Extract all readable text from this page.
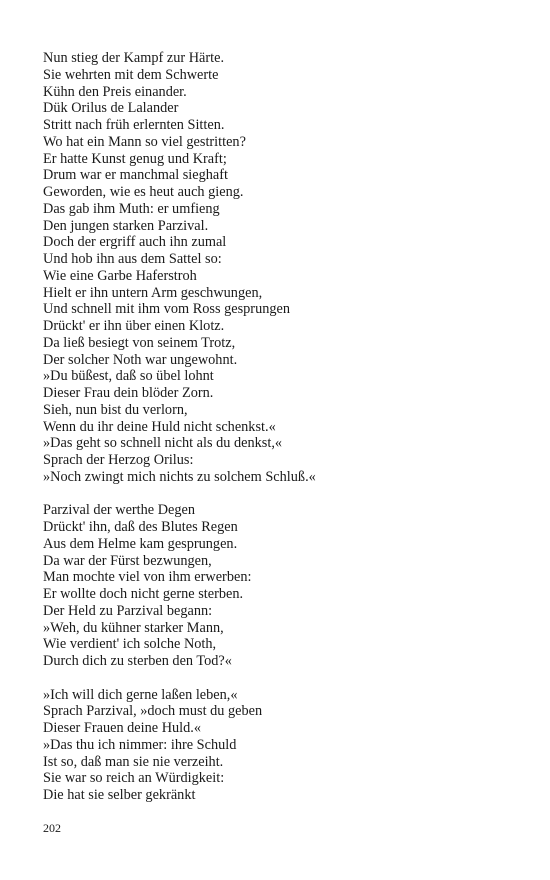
Nun stieg der Kampf zur Härte.
Sie wehrten mit dem Schwerte
Kühn den Preis einander.
Dük Orilus de Lalander
Stritt nach früh erlernten Sitten.
Wo hat ein Mann so viel gestritten?
Er hatte Kunst genug und Kraft;
Drum war er manchmal sieghaft
Geworden, wie es heut auch gieng.
Das gab ihm Muth: er umfieng
Den jungen starken Parzival.
Doch der ergriff auch ihn zumal
Und hob ihn aus dem Sattel so:
Wie eine Garbe Haferstroh
Hielt er ihn untern Arm geschwungen,
Und schnell mit ihm vom Ross gesprungen
Drückt' er ihn über einen Klotz.
Da ließ besiegt von seinem Trotz,
Der solcher Noth war ungewohnt.
»Du büßest, daß so übel lohnt
Dieser Frau dein blöder Zorn.
Sieh, nun bist du verlorn,
Wenn du ihr deine Huld nicht schenkst.«
»Das geht so schnell nicht als du denkst,«
Sprach der Herzog Orilus:
»Noch zwingt mich nichts zu solchem Schluß.«
Parzival der werthe Degen
Drückt' ihn, daß des Blutes Regen
Aus dem Helme kam gesprungen.
Da war der Fürst bezwungen,
Man mochte viel von ihm erwerben:
Er wollte doch nicht gerne sterben.
Der Held zu Parzival begann:
»Weh, du kühner starker Mann,
Wie verdient' ich solche Noth,
Durch dich zu sterben den Tod?«
»Ich will dich gerne laßen leben,«
Sprach Parzival, »doch must du geben
Dieser Frauen deine Huld.«
»Das thu ich nimmer: ihre Schuld
Ist so, daß man sie nie verzeiht.
Sie war so reich an Würdigkeit:
Die hat sie selber gekränkt
202
